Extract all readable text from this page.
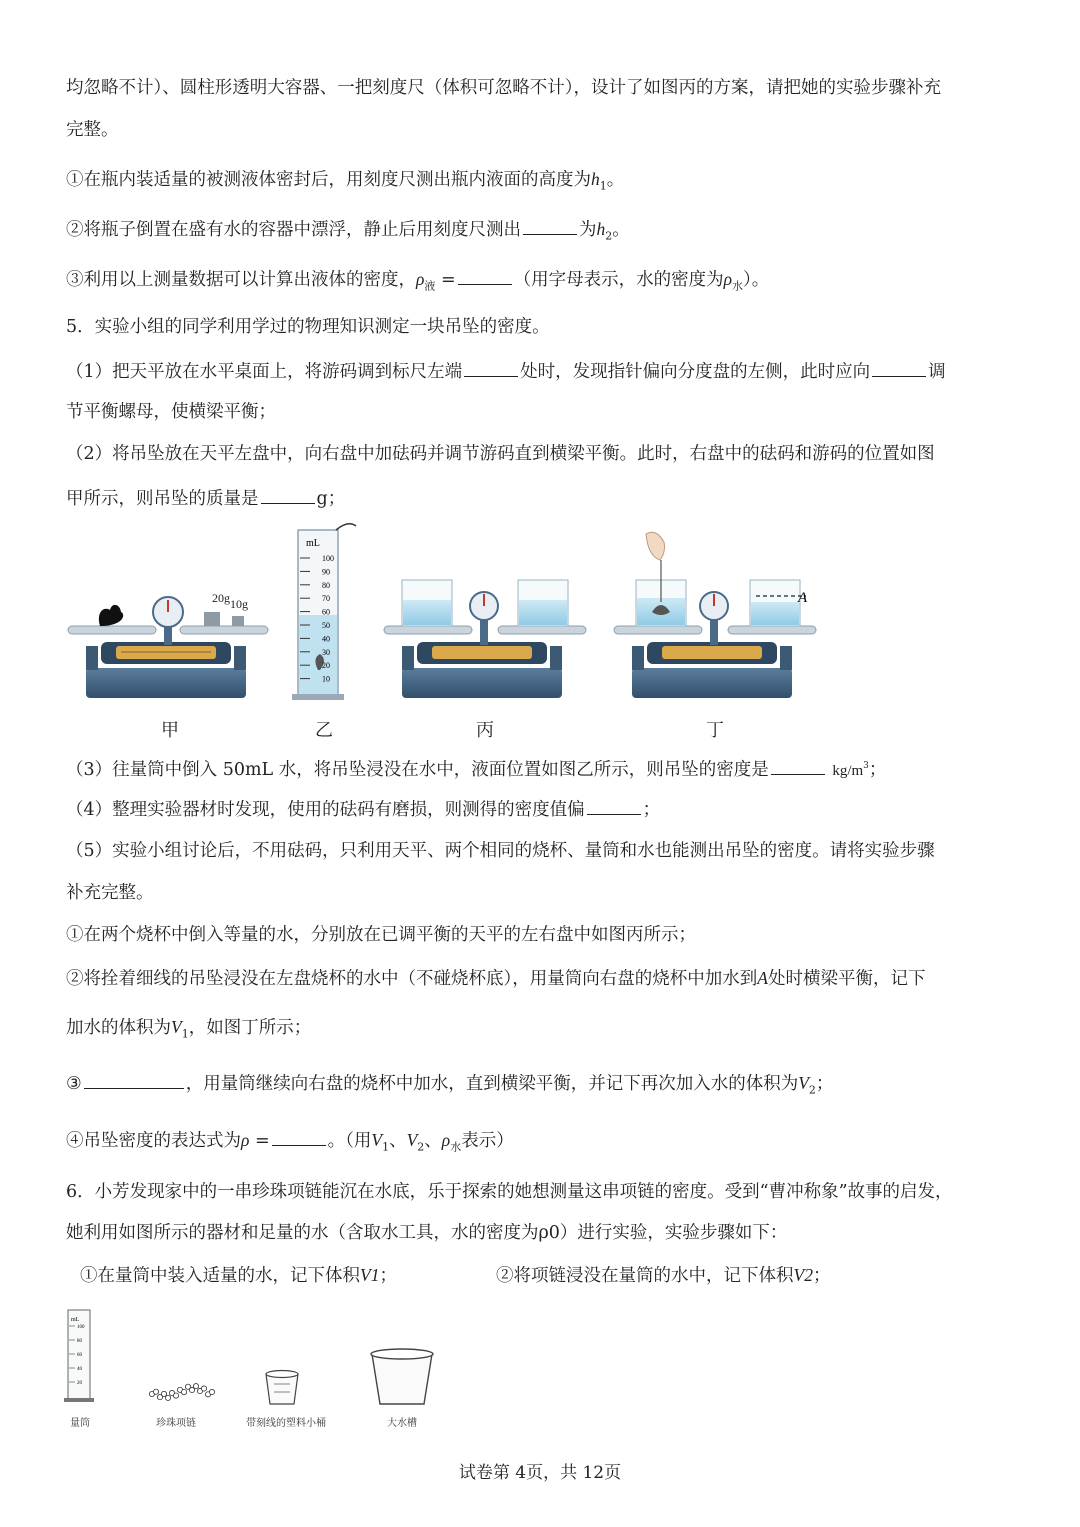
均忽略不计）、圆柱形透明大容器、一把刻度尺（体积可忽略不计），设计了如图丙的方案，请把她的实验步骤补充
完整。
①在瓶内装适量的被测液体密封后，用刻度尺测出瓶内液面的高度为$h_1$。
②将瓶子倒置在盛有水的容器中漂浮，静止后用刻度尺测出	为$h_2$。
③利用以上测量数据可以计算出液体的密度，$\rho_液$ =	（用字母表示，水的密度为$\rho_水$）。
5．实验小组的同学利用学过的物理知识测定一块吊坠的密度。
（1）把天平放在水平桌面上，将游码调到标尺左端	处时，发现指针偏向分度盘的左侧，此时应向	调
节平衡螺母，使横梁平衡；
（2）将吊坠放在天平左盘中，向右盘中加砝码并调节游码直到横梁平衡。此时，右盘中的砝码和游码的位置如图
甲所示，则吊坠的质量是	g；
20g 10g
mL
100
90
80
70
60
50
40
30
20
10
A
甲	乙	丙	丁
（3）往量筒中倒入 50mL 水，将吊坠浸没在水中，液面位置如图乙所示，则吊坠的密度是	$kg/m^3$；
（4）整理实验器材时发现，使用的砝码有磨损，则测得的密度值偏	；
（5）实验小组讨论后，不用砝码，只利用天平、两个相同的烧杯、量筒和水也能测出吊坠的密度。请将实验步骤
补充完整。
①在两个烧杯中倒入等量的水，分别放在已调平衡的天平的左右盘中如图丙所示；
②将拴着细线的吊坠浸没在左盘烧杯的水中（不碰烧杯底），用量筒向右盘的烧杯中加水到A处时横梁平衡，记下
加水的体积为$V_1$，如图丁所示；
③	，用量筒继续向右盘的烧杯中加水，直到横梁平衡，并记下再次加入水的体积为$V_2$；
④吊坠密度的表达式为ρ =	。（用$V_1$、$V_2$、$\rho_水$表示）
6．小芳发现家中的一串珍珠项链能沉在水底，乐于探索的她想测量这串项链的密度。受到“曹冲称象”故事的启发，
她利用如图所示的器材和足量的水（含取水工具，水的密度为ρ0）进行实验，实验步骤如下：
①在量筒中装入适量的水，记下体积V1；	②将项链浸没在量筒的水中，记下体积V2；
mL
100
80
60
40
20
量筒	珍珠项链	带刻线的塑料小桶	大水槽
试卷第 4页，共 12页
